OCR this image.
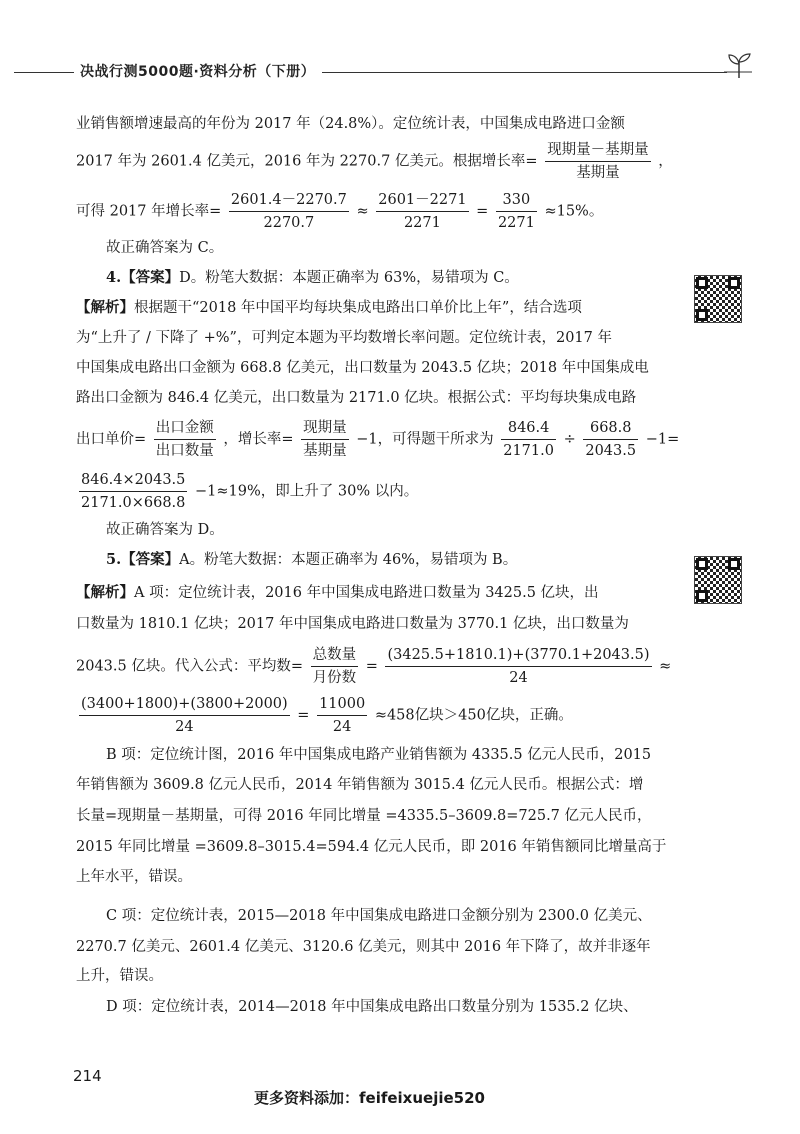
决战行测5000题·资料分析（下册）
业销售额增速最高的年份为 2017 年（24.8%）。定位统计表，中国集成电路进口金额
2017 年为 2601.4 亿美元，2016 年为 2270.7 亿美元。根据增长率= $\frac{\text{现期量－基期量}}{\text{基期量}}$ ，
可得 2017 年增长率= $\frac{2601.4-2270.7}{2270.7} \approx \frac{2601-2271}{2271} = \frac{330}{2271} \approx 15\%$。
故正确答案为 C。
4.【答案】D。粉笔大数据：本题正确率为 63%，易错项为 C。
【解析】根据题干“2018 年中国平均每块集成电路出口单价比上年”，结合选项
为“上升了 / 下降了 +%”，可判定本题为平均数增长率问题。定位统计表，2017 年
中国集成电路出口金额为 668.8 亿美元，出口数量为 2043.5 亿块；2018 年中国集成电
路出口金额为 846.4 亿美元，出口数量为 2171.0 亿块。根据公式：平均每块集成电路
出口单价= $\frac{\text{出口金额}}{\text{出口数量}}$ ，增长率= $\frac{\text{现期量}}{\text{基期量}} -1$，可得题干所求为 $\frac{846.4}{2171.0} \div \frac{668.8}{2043.5} -1=$
$\frac{846.4\times 2043.5}{2171.0\times 668.8} -1\approx 19\%$，即上升了 30% 以内。
故正确答案为 D。
5.【答案】A。粉笔大数据：本题正确率为 46%，易错项为 B。
【解析】A 项：定位统计表，2016 年中国集成电路进口数量为 3425.5 亿块，出
口数量为 1810.1 亿块；2017 年中国集成电路进口数量为 3770.1 亿块，出口数量为
2043.5 亿块。代入公式：平均数= $\frac{\text{总数量}}{\text{月份数}} = \frac{(3425.5+1810.1)+(3770.1+2043.5)}{24}$ ≈
$\frac{(3400+1800)+(3800+2000)}{24} = \frac{11000}{24} \approx 458$亿块＞450亿块，正确。
B 项：定位统计图，2016 年中国集成电路产业销售额为 4335.5 亿元人民币，2015
年销售额为 3609.8 亿元人民币，2014 年销售额为 3015.4 亿元人民币。根据公式：增
长量=现期量－基期量，可得 2016 年同比增量 =4335.5–3609.8=725.7 亿元人民币，
2015 年同比增量 =3609.8–3015.4=594.4 亿元人民币，即 2016 年销售额同比增量高于
上年水平，错误。
C 项：定位统计表，2015—2018 年中国集成电路进口金额分别为 2300.0 亿美元、
2270.7 亿美元、2601.4 亿美元、3120.6 亿美元，则其中 2016 年下降了，故并非逐年
上升，错误。
D 项：定位统计表，2014—2018 年中国集成电路出口数量分别为 1535.2 亿块、
214
更多资料添加：feifeixuejie520
